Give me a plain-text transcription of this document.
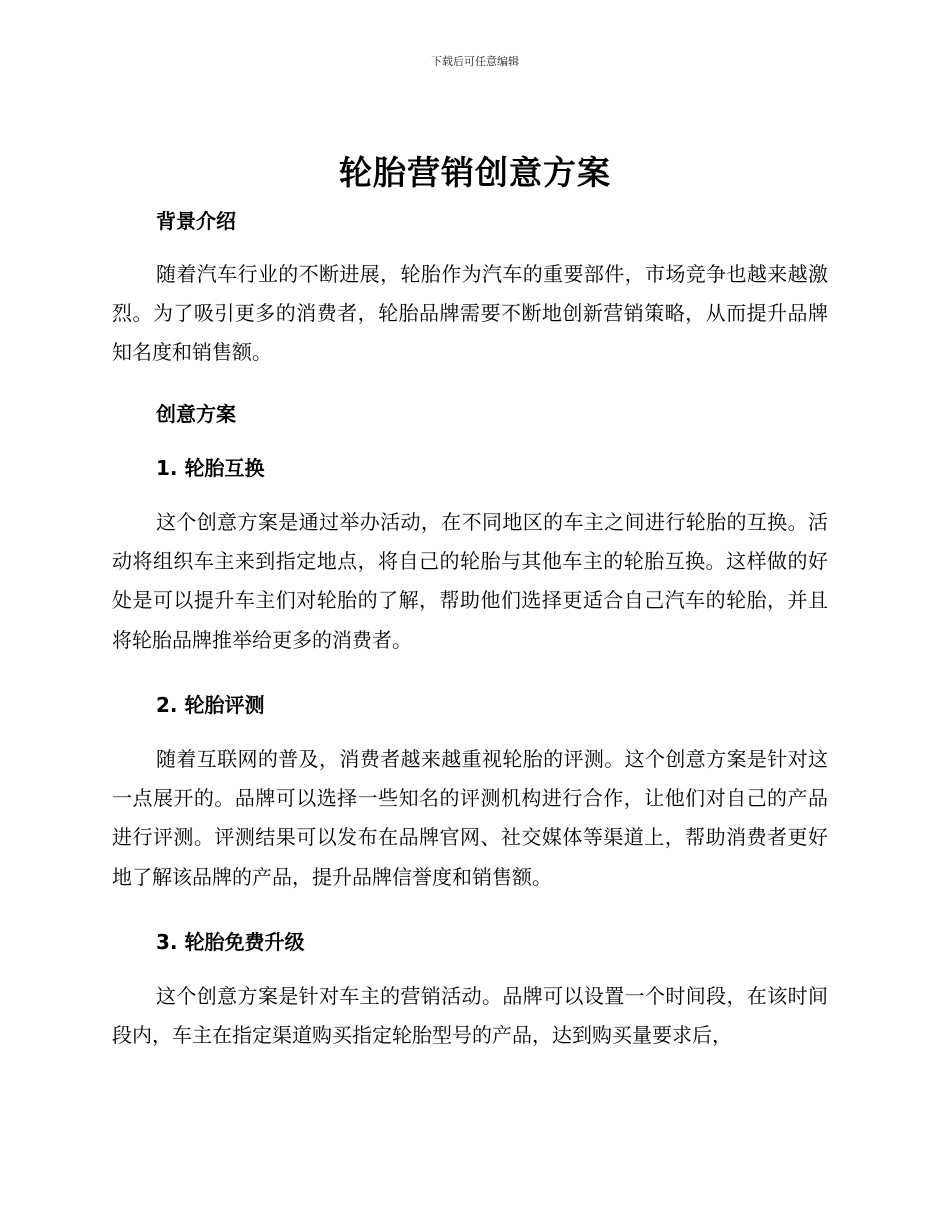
下载后可任意编辑
轮胎营销创意方案
背景介绍
随着汽车行业的不断进展，轮胎作为汽车的重要部件，市场竞争也越来越激烈。为了吸引更多的消费者，轮胎品牌需要不断地创新营销策略，从而提升品牌知名度和销售额。
创意方案
1. 轮胎互换
这个创意方案是通过举办活动，在不同地区的车主之间进行轮胎的互换。活动将组织车主来到指定地点，将自己的轮胎与其他车主的轮胎互换。这样做的好处是可以提升车主们对轮胎的了解，帮助他们选择更适合自己汽车的轮胎，并且将轮胎品牌推举给更多的消费者。
2. 轮胎评测
随着互联网的普及，消费者越来越重视轮胎的评测。这个创意方案是针对这一点展开的。品牌可以选择一些知名的评测机构进行合作，让他们对自己的产品进行评测。评测结果可以发布在品牌官网、社交媒体等渠道上，帮助消费者更好地了解该品牌的产品，提升品牌信誉度和销售额。
3. 轮胎免费升级
这个创意方案是针对车主的营销活动。品牌可以设置一个时间段，在该时间段内，车主在指定渠道购买指定轮胎型号的产品，达到购买量要求后，
